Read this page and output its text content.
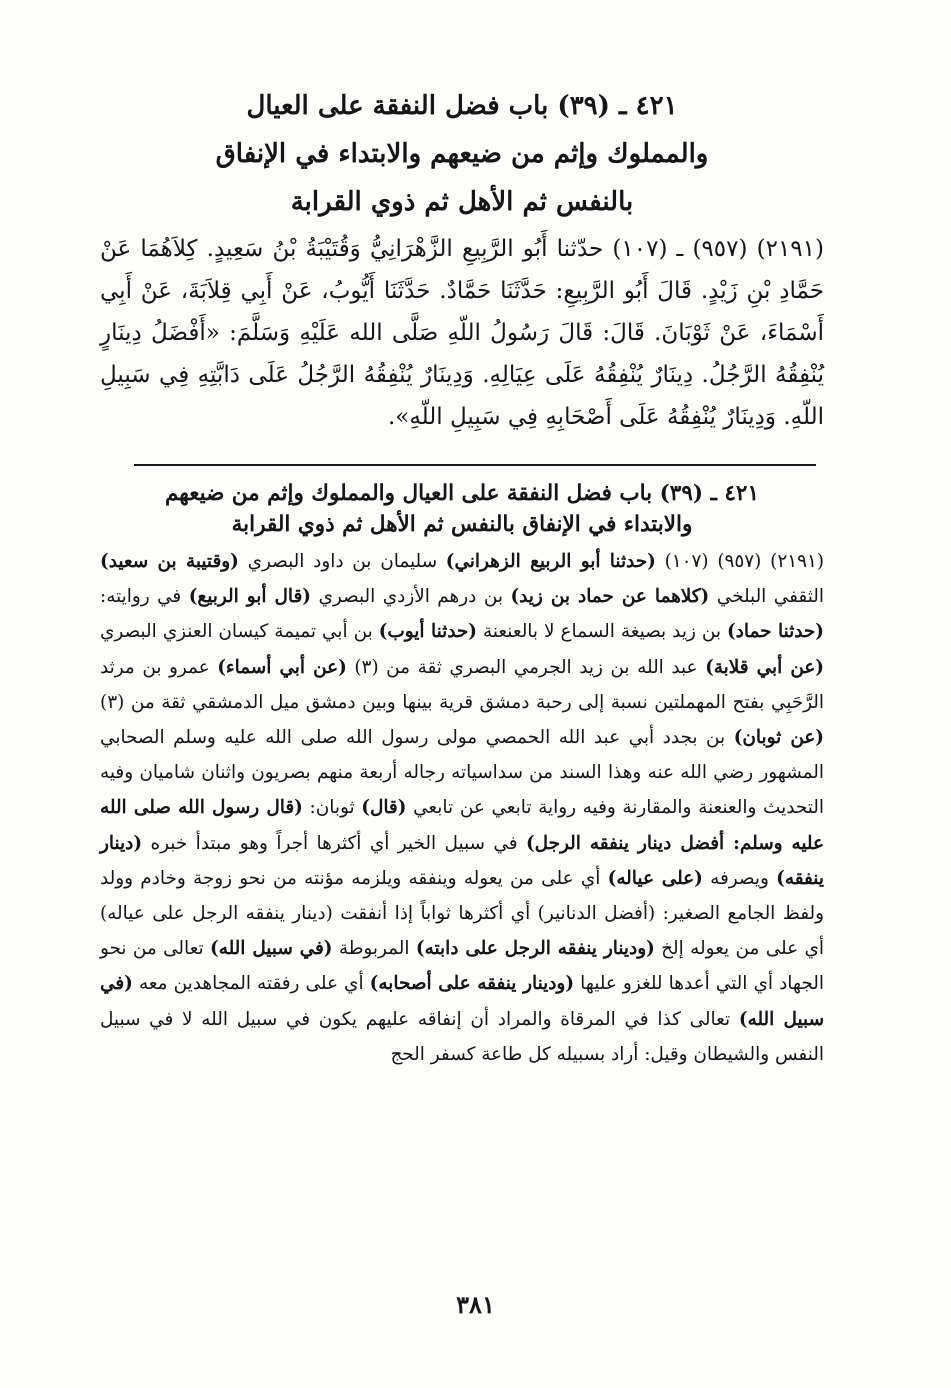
٤٢١ ـ (٣٩) باب فضل النفقة على العيال
والمملوك وإثم من ضيعهم والابتداء في الإنفاق
بالنفس ثم الأهل ثم ذوي القرابة

(٢١٩١) (٩٥٧) ـ (١٠٧) حدّثنا أَبُو الرَّبِيعِ الزَّهْرَانِيُّ وَقُتَيْبَةُ بْنُ سَعِيدٍ. كِلاَهُمَا عَنْ حَمَّادِ بْنِ زَيْدٍ. قَالَ أَبُو الرَّبِيعِ: حَدَّثَنَا حَمَّادٌ. حَدَّثَنَا أَيُّوبُ، عَنْ أَبِي قِلاَبَةَ، عَنْ أَبِي أَسْمَاءَ، عَنْ ثَوْبَانَ. قَالَ: قَالَ رَسُولُ اللّهِ صَلَّى الله عَلَيْهِ وَسَلَّمَ: «أَفْضَلُ دِينَارٍ يُنْفِقُهُ الرَّجُلُ. دِينَارٌ يُنْفِقُهُ عَلَى عِيَالِهِ. وَدِينَارٌ يُنْفِقُهُ الرَّجُلُ عَلَى دَابَّتِهِ فِي سَبِيلِ اللّهِ. وَدِينَارٌ يُنْفِقُهُ عَلَى أَصْحَابِهِ فِي سَبِيلِ اللّهِ».

٤٢١ ـ (٣٩) باب فضل النفقة على العيال والمملوك وإثم من ضيعهم
والابتداء في الإنفاق بالنفس ثم الأهل ثم ذوي القرابة

(٢١٩١) (٩٥٧) (١٠٧) (حدثنا أبو الربيع الزهراني) سليمان بن داود البصري (وقتيبة بن سعيد) الثقفي البلخي (كلاهما عن حماد بن زيد) بن درهم الأزدي البصري (قال أبو الربيع) في روايته: (حدثنا حماد) بن زيد بصيغة السماع لا بالعنعنة (حدثنا أيوب) بن أبي تميمة كيسان العنزي البصري (عن أبي قلابة) عبد الله بن زيد الجرمي البصري ثقة من (٣) (عن أبي أسماء) عمرو بن مرثد الرَّحَبِي بفتح المهملتين نسبة إلى رحبة دمشق قرية بينها وبين دمشق ميل الدمشقي ثقة من (٣) (عن ثوبان) بن بجدد أبي عبد الله الحمصي مولى رسول الله صلى الله عليه وسلم الصحابي المشهور رضي الله عنه وهذا السند من سداسياته رجاله أربعة منهم بصريون واثنان شاميان وفيه التحديث والعنعنة والمقارنة وفيه رواية تابعي عن تابعي (قال) ثوبان: (قال رسول الله صلى الله عليه وسلم: أفضل دينار ينفقه الرجل) في سبيل الخير أي أكثرها أجراً وهو مبتدأ خبره (دينار ينفقه) ويصرفه (على عياله) أي على من يعوله وينفقه ويلزمه مؤنته من نحو زوجة وخادم وولد ولفظ الجامع الصغير: (أفضل الدنانير) أي أكثرها ثواباً إذا أنفقت (دينار ينفقه الرجل على عياله) أي على من يعوله إلخ (ودينار ينفقه الرجل على دابته) المربوطة (في سبيل الله) تعالى من نحو الجهاد أي التي أعدها للغزو عليها (ودينار ينفقه على أصحابه) أي على رفقته المجاهدين معه (في سبيل الله) تعالى كذا في المرقاة والمراد أن إنفاقه عليهم يكون في سبيل الله لا في سبيل النفس والشيطان وقيل: أراد بسبيله كل طاعة كسفر الحج

٣٨١
